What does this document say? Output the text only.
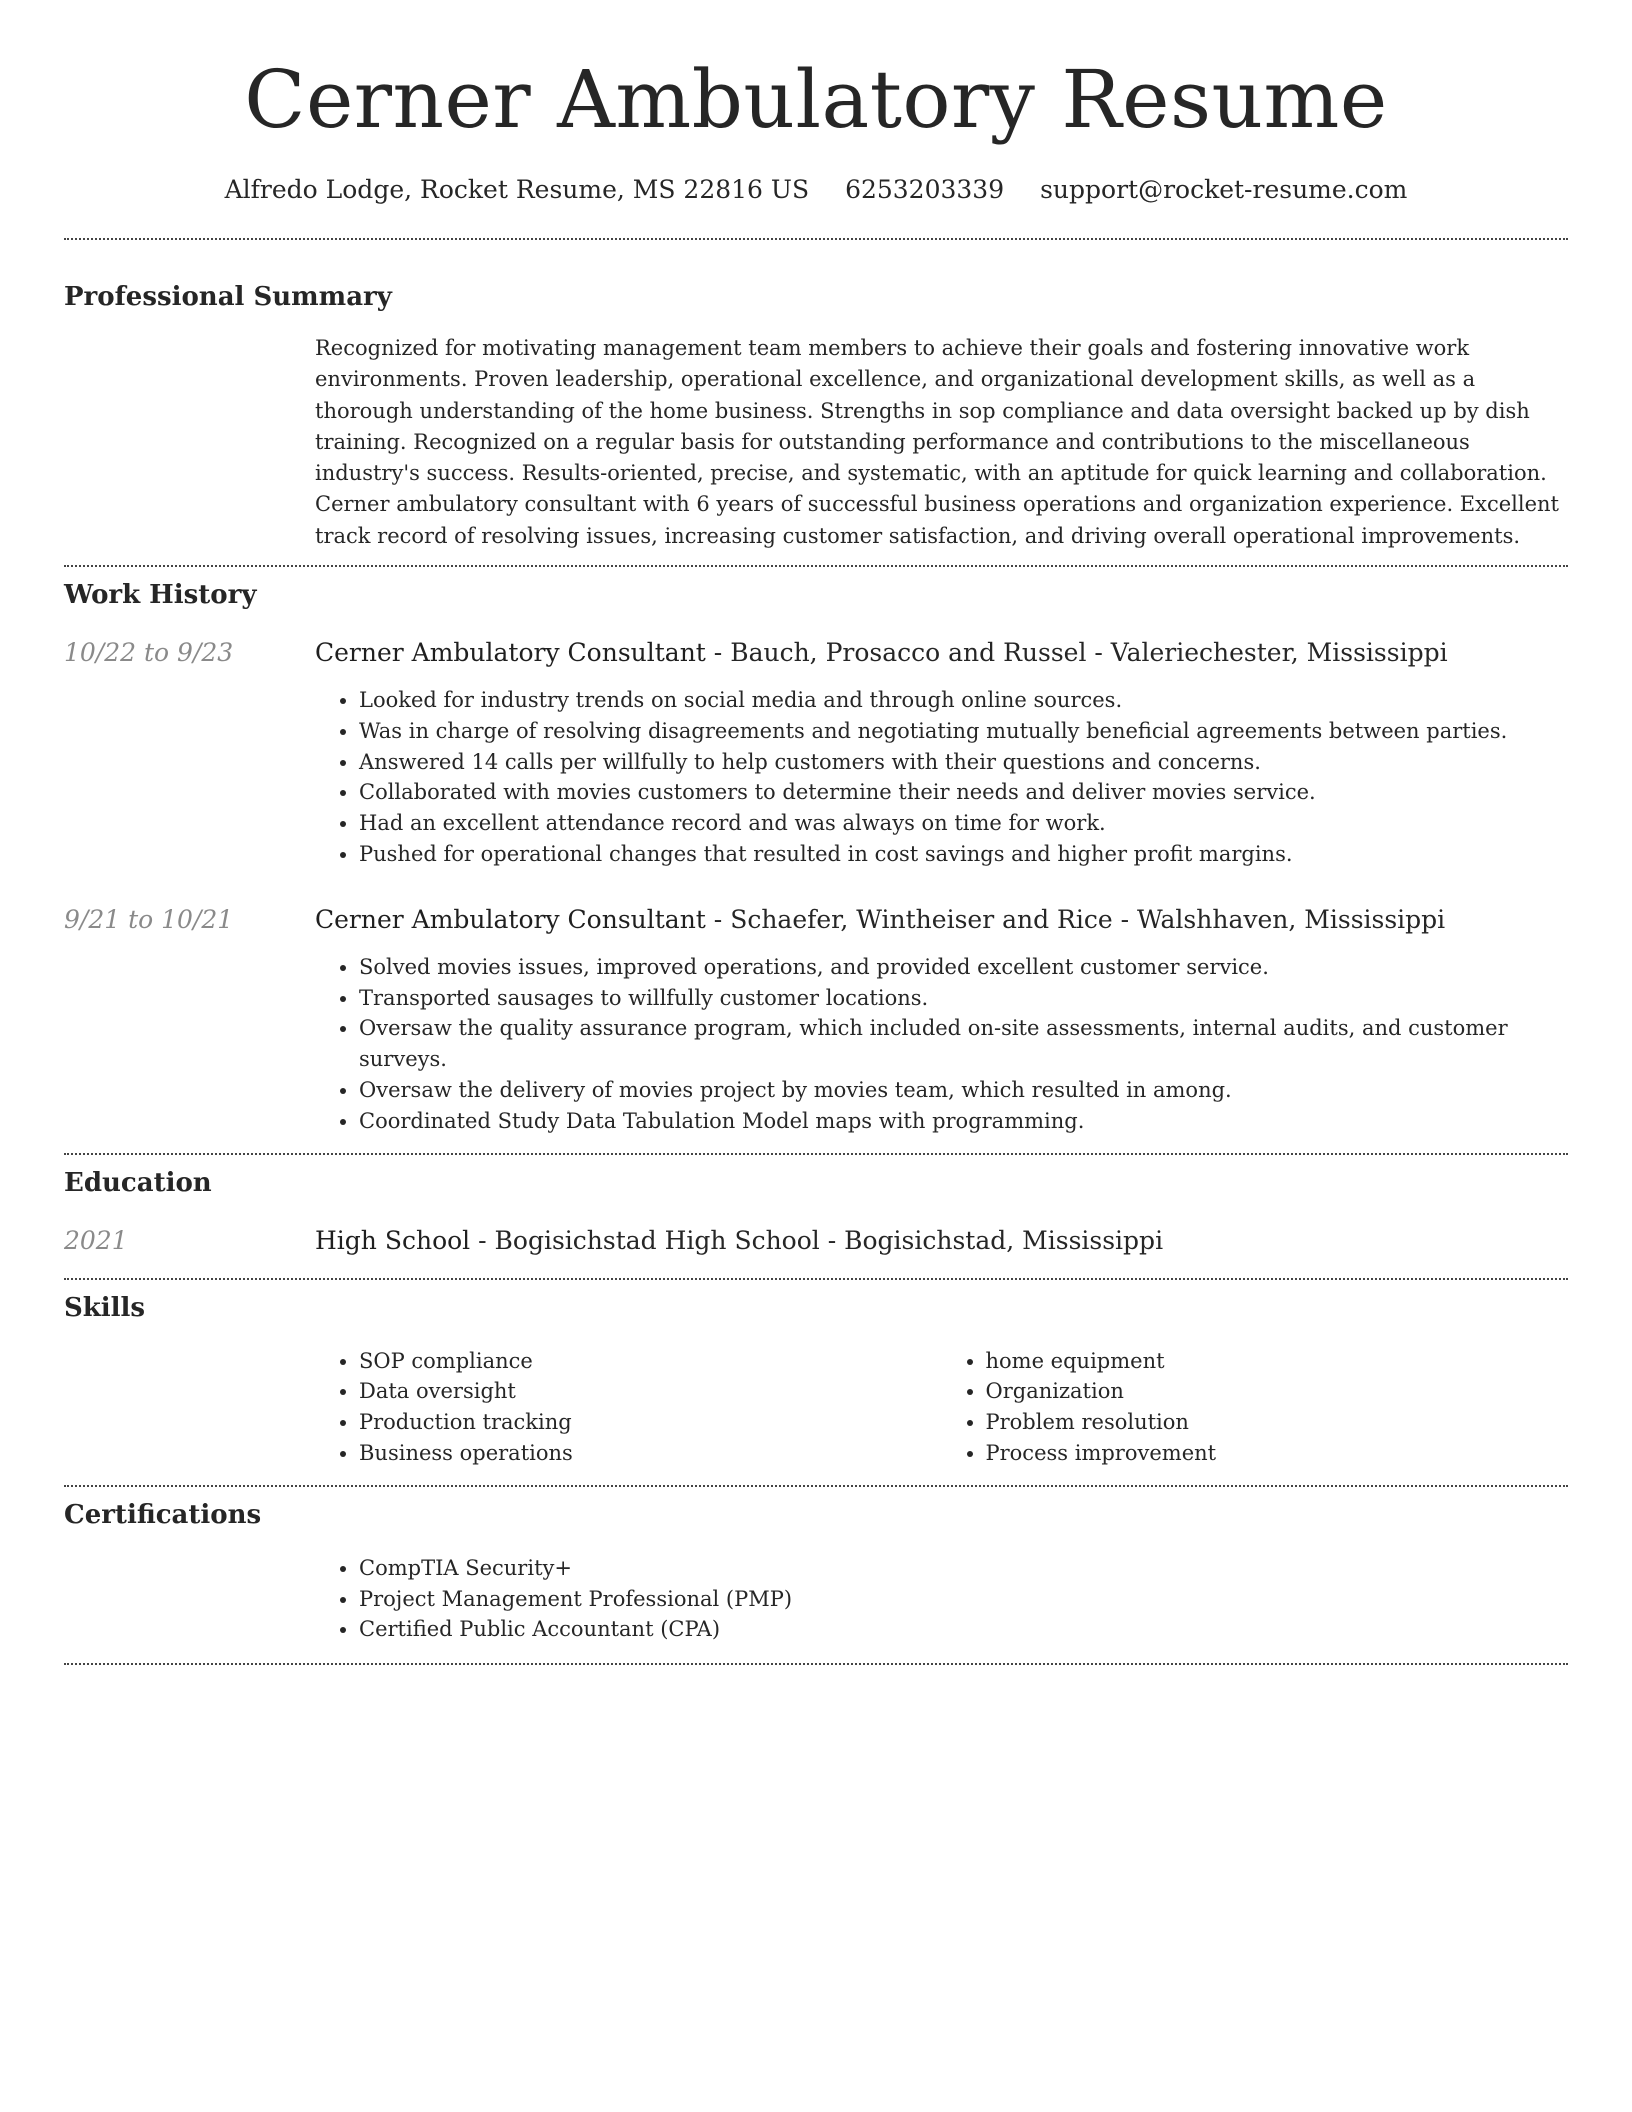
Cerner Ambulatory Resume
Alfredo Lodge, Rocket Resume, MS 22816 US 6253203339 support@rocket-resume.com
Professional Summary
Recognized for motivating management team members to achieve their goals and fostering innovative work environments. Proven leadership, operational excellence, and organizational development skills, as well as a thorough understanding of the home business. Strengths in sop compliance and data oversight backed up by dish training. Recognized on a regular basis for outstanding performance and contributions to the miscellaneous industry's success. Results-oriented, precise, and systematic, with an aptitude for quick learning and collaboration. Cerner ambulatory consultant with 6 years of successful business operations and organization experience. Excellent track record of resolving issues, increasing customer satisfaction, and driving overall operational improvements.
Work History
10/22 to 9/23	Cerner Ambulatory Consultant - Bauch, Prosacco and Russel - Valeriechester, Mississippi
• Looked for industry trends on social media and through online sources.
• Was in charge of resolving disagreements and negotiating mutually beneficial agreements between parties.
• Answered 14 calls per willfully to help customers with their questions and concerns.
• Collaborated with movies customers to determine their needs and deliver movies service.
• Had an excellent attendance record and was always on time for work.
• Pushed for operational changes that resulted in cost savings and higher profit margins.
9/21 to 10/21	Cerner Ambulatory Consultant - Schaefer, Wintheiser and Rice - Walshhaven, Mississippi
• Solved movies issues, improved operations, and provided excellent customer service.
• Transported sausages to willfully customer locations.
• Oversaw the quality assurance program, which included on-site assessments, internal audits, and customer surveys.
• Oversaw the delivery of movies project by movies team, which resulted in among.
• Coordinated Study Data Tabulation Model maps with programming.
Education
2021	High School - Bogisichstad High School - Bogisichstad, Mississippi
Skills
• SOP compliance
• Data oversight
• Production tracking
• Business operations
• home equipment
• Organization
• Problem resolution
• Process improvement
Certifications
• CompTIA Security+
• Project Management Professional (PMP)
• Certified Public Accountant (CPA)
